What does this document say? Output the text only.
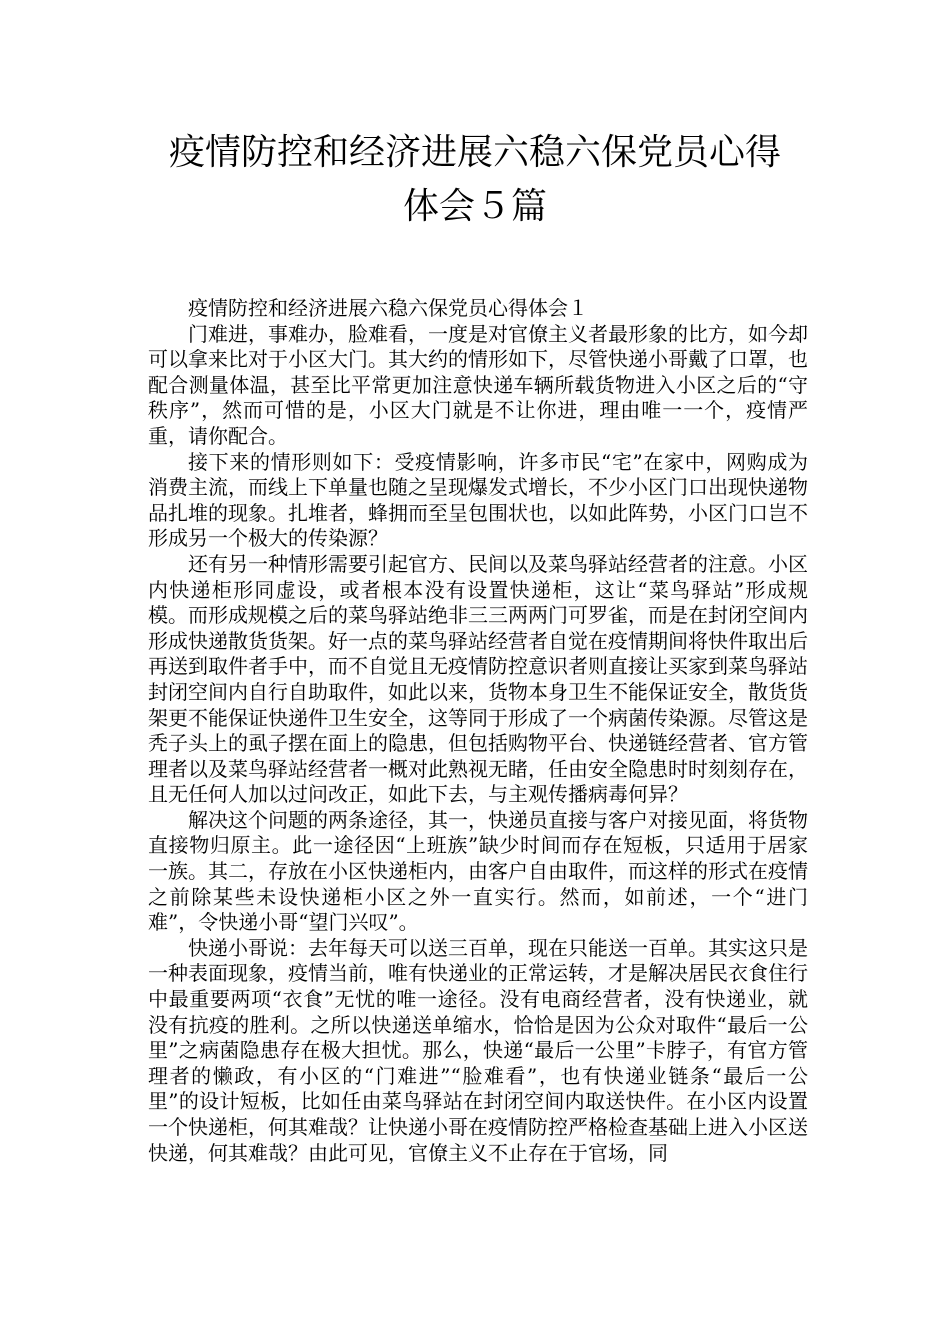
疫情防控和经济进展六稳六保党员心得
体会５篇

疫情防控和经济进展六稳六保党员心得体会１

门难进，事难办，脸难看，一度是对官僚主义者最形象的比方，如今却可以拿来比对于小区大门。其大约的情形如下，尽管快递小哥戴了口罩，也配合测量体温，甚至比平常更加注意快递车辆所载货物进入小区之后的“守秩序”，然而可惜的是，小区大门就是不让你进，理由唯一一个，疫情严重，请你配合。

接下来的情形则如下：受疫情影响，许多市民“宅”在家中，网购成为消费主流，而线上下单量也随之呈现爆发式增长，不少小区门口出现快递物品扎堆的现象。扎堆者，蜂拥而至呈包围状也，以如此阵势，小区门口岂不形成另一个极大的传染源？

还有另一种情形需要引起官方、民间以及菜鸟驿站经营者的注意。小区内快递柜形同虚设，或者根本没有设置快递柜，这让“菜鸟驿站”形成规模。而形成规模之后的菜鸟驿站绝非三三两两门可罗雀，而是在封闭空间内形成快递散货货架。好一点的菜鸟驿站经营者自觉在疫情期间将快件取出后再送到取件者手中，而不自觉且无疫情防控意识者则直接让买家到菜鸟驿站封闭空间内自行自助取件，如此以来，货物本身卫生不能保证安全，散货货架更不能保证快递件卫生安全，这等同于形成了一个病菌传染源。尽管这是秃子头上的虱子摆在面上的隐患，但包括购物平台、快递链经营者、官方管理者以及菜鸟驿站经营者一概对此熟视无睹，任由安全隐患时时刻刻存在，且无任何人加以过问改正，如此下去，与主观传播病毒何异？

解决这个问题的两条途径，其一，快递员直接与客户对接见面，将货物直接物归原主。此一途径因“上班族”缺少时间而存在短板，只适用于居家一族。其二，存放在小区快递柜内，由客户自由取件，而这样的形式在疫情之前除某些未设快递柜小区之外一直实行。然而，如前述，一个“进门难”，令快递小哥“望门兴叹”。

快递小哥说：去年每天可以送三百单，现在只能送一百单。其实这只是一种表面现象，疫情当前，唯有快递业的正常运转，才是解决居民衣食住行中最重要两项“衣食”无忧的唯一途径。没有电商经营者，没有快递业，就没有抗疫的胜利。之所以快递送单缩水，恰恰是因为公众对取件“最后一公里”之病菌隐患存在极大担忧。那么，快递“最后一公里”卡脖子，有官方管理者的懒政，有小区的“门难进”“脸难看”，也有快递业链条“最后一公里”的设计短板，比如任由菜鸟驿站在封闭空间内取送快件。在小区内设置一个快递柜，何其难哉？让快递小哥在疫情防控严格检查基础上进入小区送快递，何其难哉？由此可见，官僚主义不止存在于官场，同
